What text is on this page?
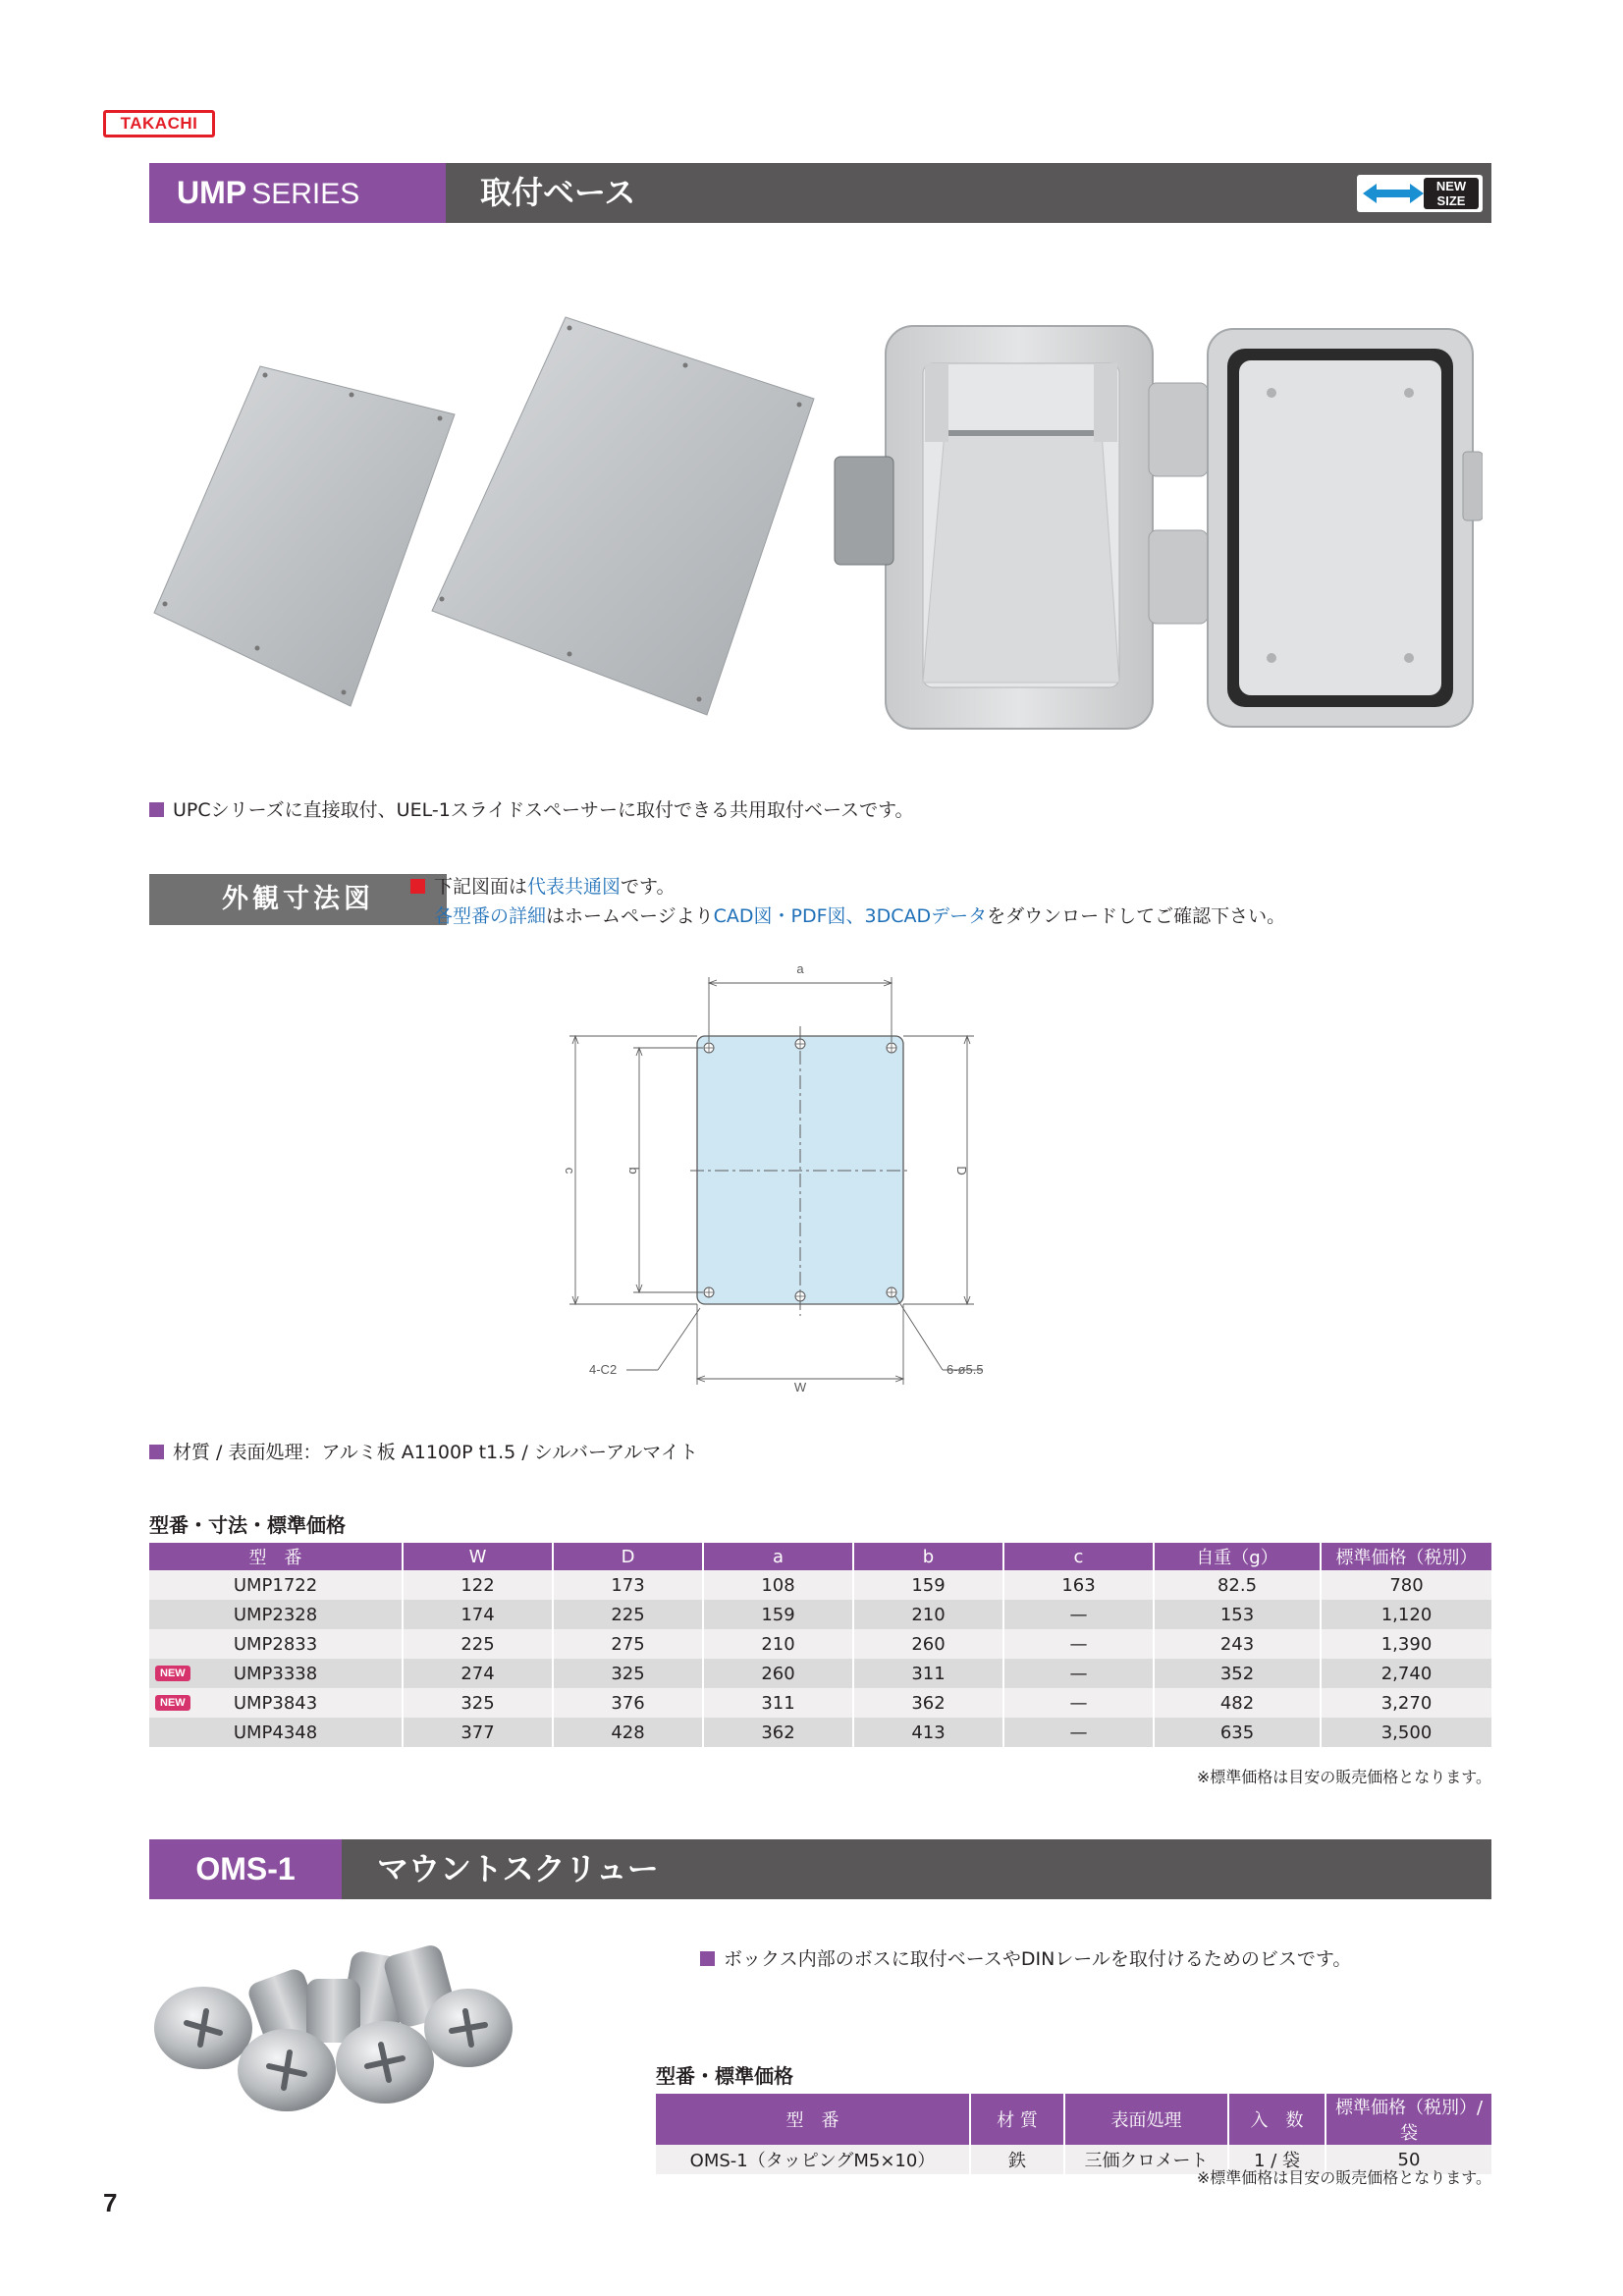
TAKACHI
UMP SERIES	取付ベース	NEW
SIZE
UPCシリーズに直接取付、UEL-1スライドスペーサーに取付できる共用取付ベースです。
外観寸法図	下記図面は代表共通図です。
各型番の詳細はホームページよりCAD図・PDF図、3DCADデータをダウンロードしてご確認下さい。
a
D
c	b
W
4-C2	6-ø5.5
材質 / 表面処理：アルミ板 A1100P t1.5 / シルバーアルマイト
型番・寸法・標準価格
型　番	W	D	a	b	c	自重（g）	標準価格（税別）
UMP1722	122	173	108	159	163	82.5	780
UMP2328	174	225	159	210	—	153	1,120
UMP2833	225	275	210	260	—	243	1,390

NEW UMP3338	274	325	260	311	—	352	2,740

NEW UMP3843	325	376	311	362	—	482	3,270
UMP4348	377	428	362	413	—	635	3,500
※標準価格は目安の販売価格となります。
OMS-1	マウントスクリュー
ボックス内部のボスに取付ベースやDINレールを取付けるためのビスです。
型番・標準価格
型　番	材 質	表面処理	入　数	標準価格（税別）/ 袋
OMS-1（タッピングM5×10）	鉄	三価クロメート	1 / 袋	50
※標準価格は目安の販売価格となります。
7
